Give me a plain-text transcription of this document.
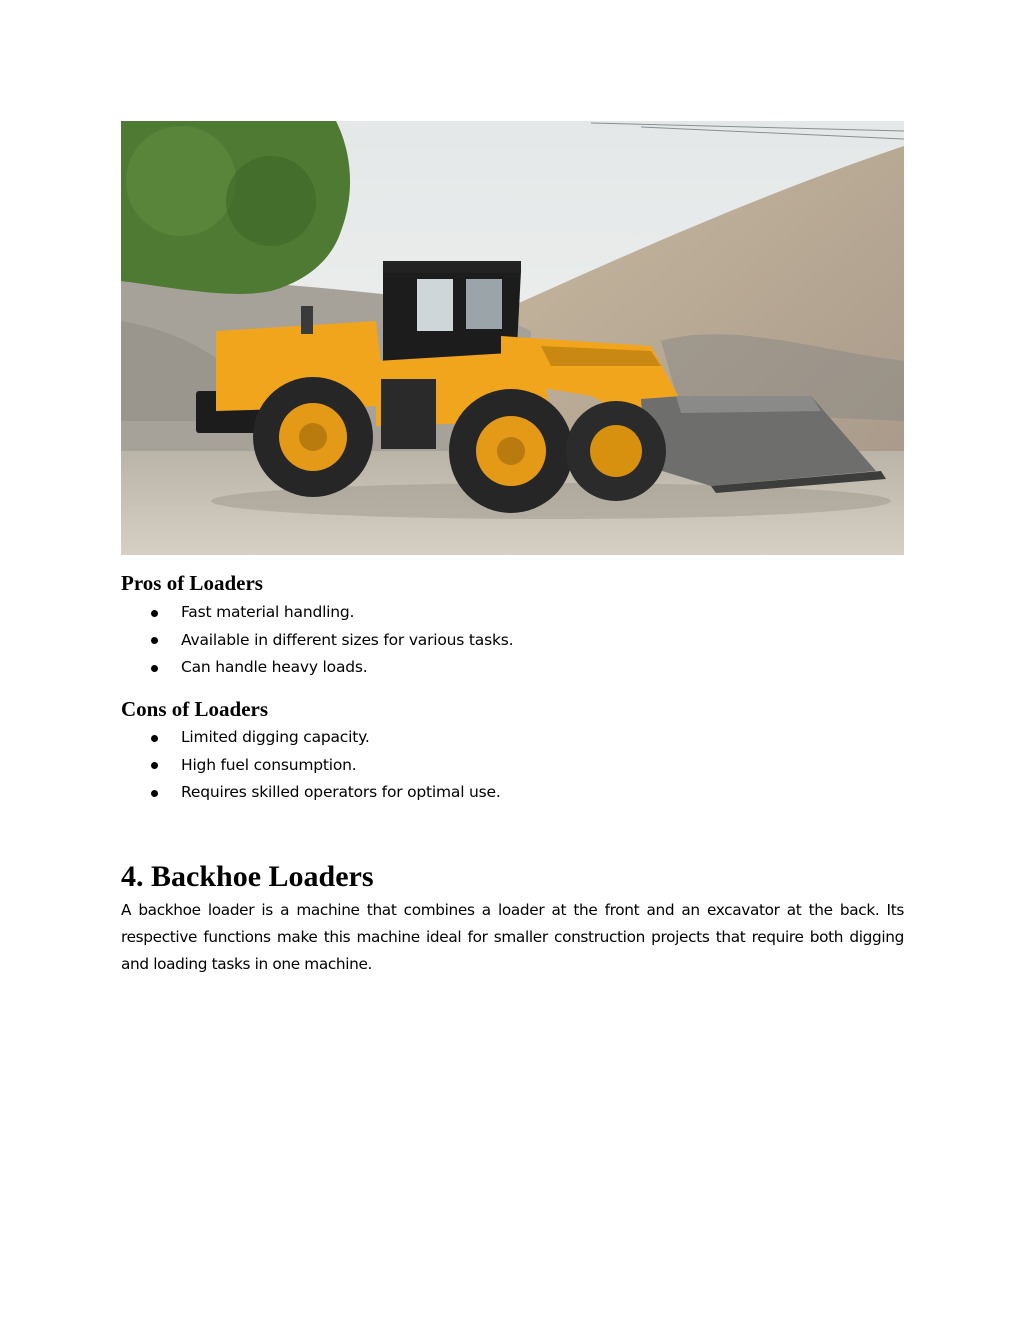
Pros of Loaders
Fast material handling.
Available in different sizes for various tasks.
Can handle heavy loads.
Cons of Loaders
Limited digging capacity.
High fuel consumption.
Requires skilled operators for optimal use.
4. Backhoe Loaders

A backhoe loader is a machine that combines a loader at the front and an excavator at the back. Its respective functions make this machine ideal for smaller construction projects that require both digging and loading tasks in one machine.
